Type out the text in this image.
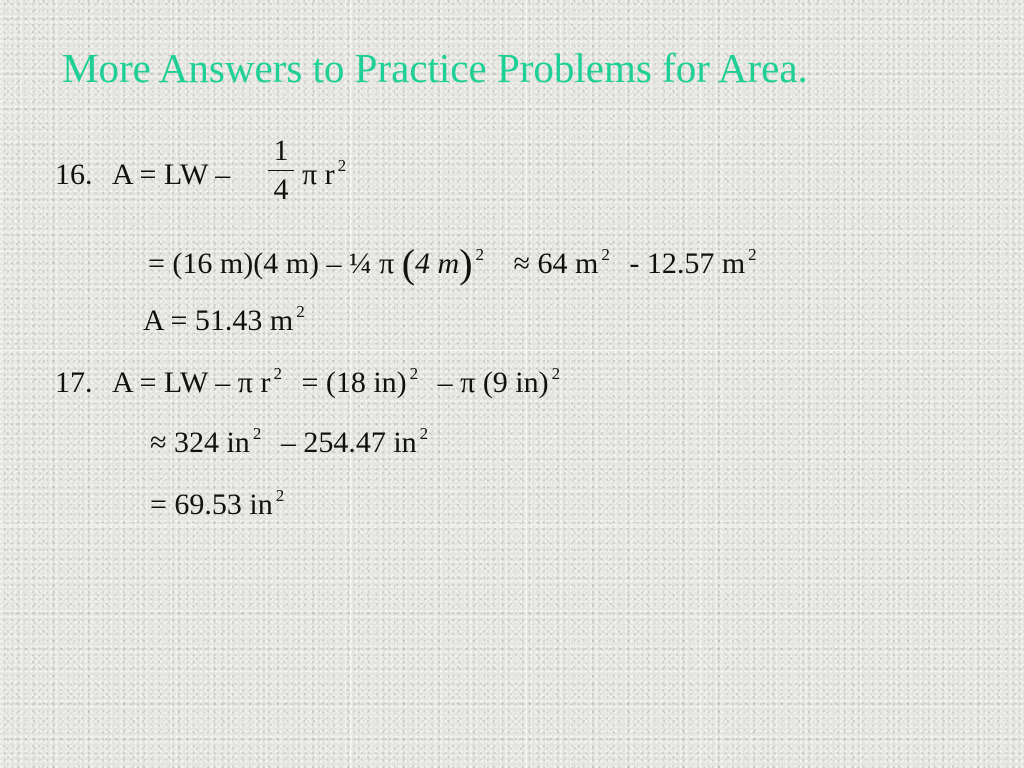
More Answers to Practice Problems for Area.
16. A = LW –
1
4 π r $^2$
= (16 m)(4 m) – ¼ π (4 m) $^2$ ≈ 64 m $^2$ - 12.57 m $^2$
A = 51.43 m $^2$
17. A = LW – π r $^2$ = (18 in) $^2$ – π (9 in) $^2$
≈ 324 in $^2$ – 254.47 in $^2$
= 69.53 in $^2$
